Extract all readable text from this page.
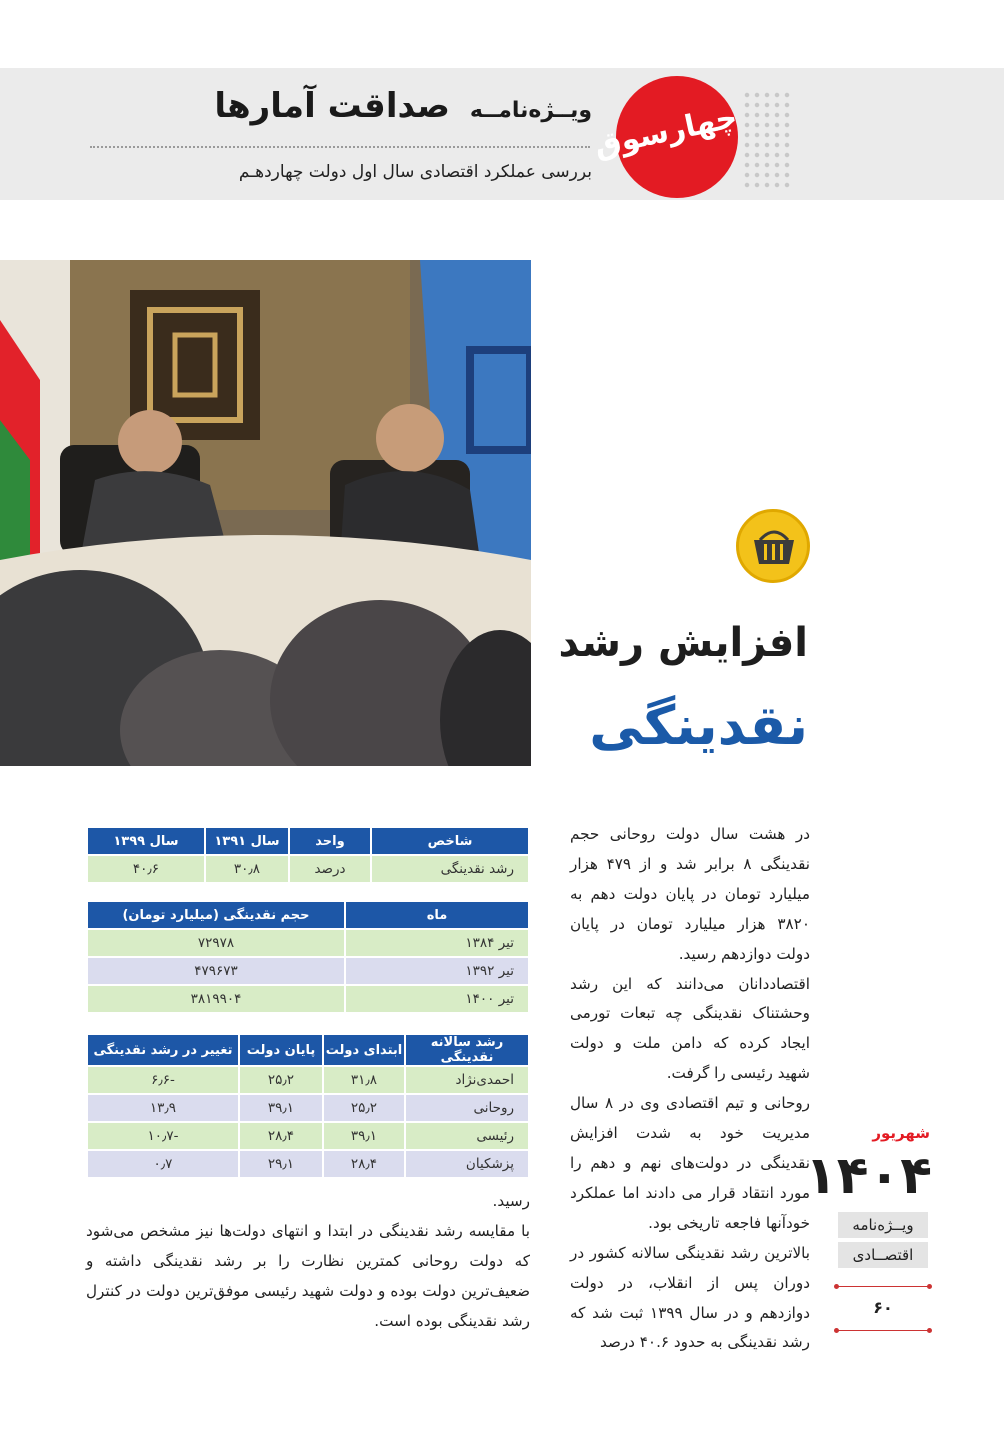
چهارسوق
ویــژه‌نامــه صداقت آمارها
بررسی عملکرد اقتصادی سال اول دولت چهاردهـم
افزایش رشد
نقدینگی

در هشت سال دولت روحانی حجم نقدینگی ۸ برابر شد و از ۴۷۹ هزار میلیارد تومان در پایان دولت دهم به ۳۸۲۰ هزار میلیارد تومان در پایان دولت دوازدهم رسید.

اقتصاددانان می‌دانند که این رشد وحشتناک نقدینگی چه تبعات تورمی ایجاد کرده که دامن ملت و دولت شهید رئیسی را گرفت.

روحانی و تیم اقتصادی وی در ۸ سال مدیریت خود به شدت افزایش نقدینگی در دولت‌های نهم و دهم را مورد انتقاد قرار می دادند اما عملکرد خودآنها فاجعه تاریخی بود.

بالاترین رشد نقدینگی سالانه کشور در دوران پس از انقلاب، در دولت دوازدهم و در سال ۱۳۹۹ ثبت شد که رشد نقدینگی به حدود ۴۰.۶ درصد

شاخص	واحد	سال ۱۳۹۱	سال ۱۳۹۹
رشد نقدینگی	درصد	۳۰٫۸	۴۰٫۶
ماه	حجم نقدینگی (میلیارد تومان)
تیر ۱۳۸۴	۷۲۹۷۸
تیر ۱۳۹۲	۴۷۹۶۷۳
تیر ۱۴۰۰	۳۸۱۹۹۰۴
رشد سالانه نقدینگی	ابتدای دولت	پایان دولت	تغییر در رشد نقدینگی
احمدی‌نژاد	۳۱٫۸	۲۵٫۲	-۶٫۶
روحانی	۲۵٫۲	۳۹٫۱	۱۳٫۹
رئیسی	۳۹٫۱	۲۸٫۴	-۱۰٫۷
پزشکیان	۲۸٫۴	۲۹٫۱	۰٫۷

رسید.

با مقایسه رشد نقدینگی در ابتدا و انتهای دولت‌ها نیز مشخص می‌شود که دولت روحانی کمترین نظارت را بر رشد نقدینگی داشته و ضعیف‌ترین دولت بوده و دولت شهید رئیسی موفق‌ترین دولت در کنترل رشد نقدینگی بوده است.

شهریور
۱۴۰۴
ویــژه‌نامه
اقتصــادی
۶۰
